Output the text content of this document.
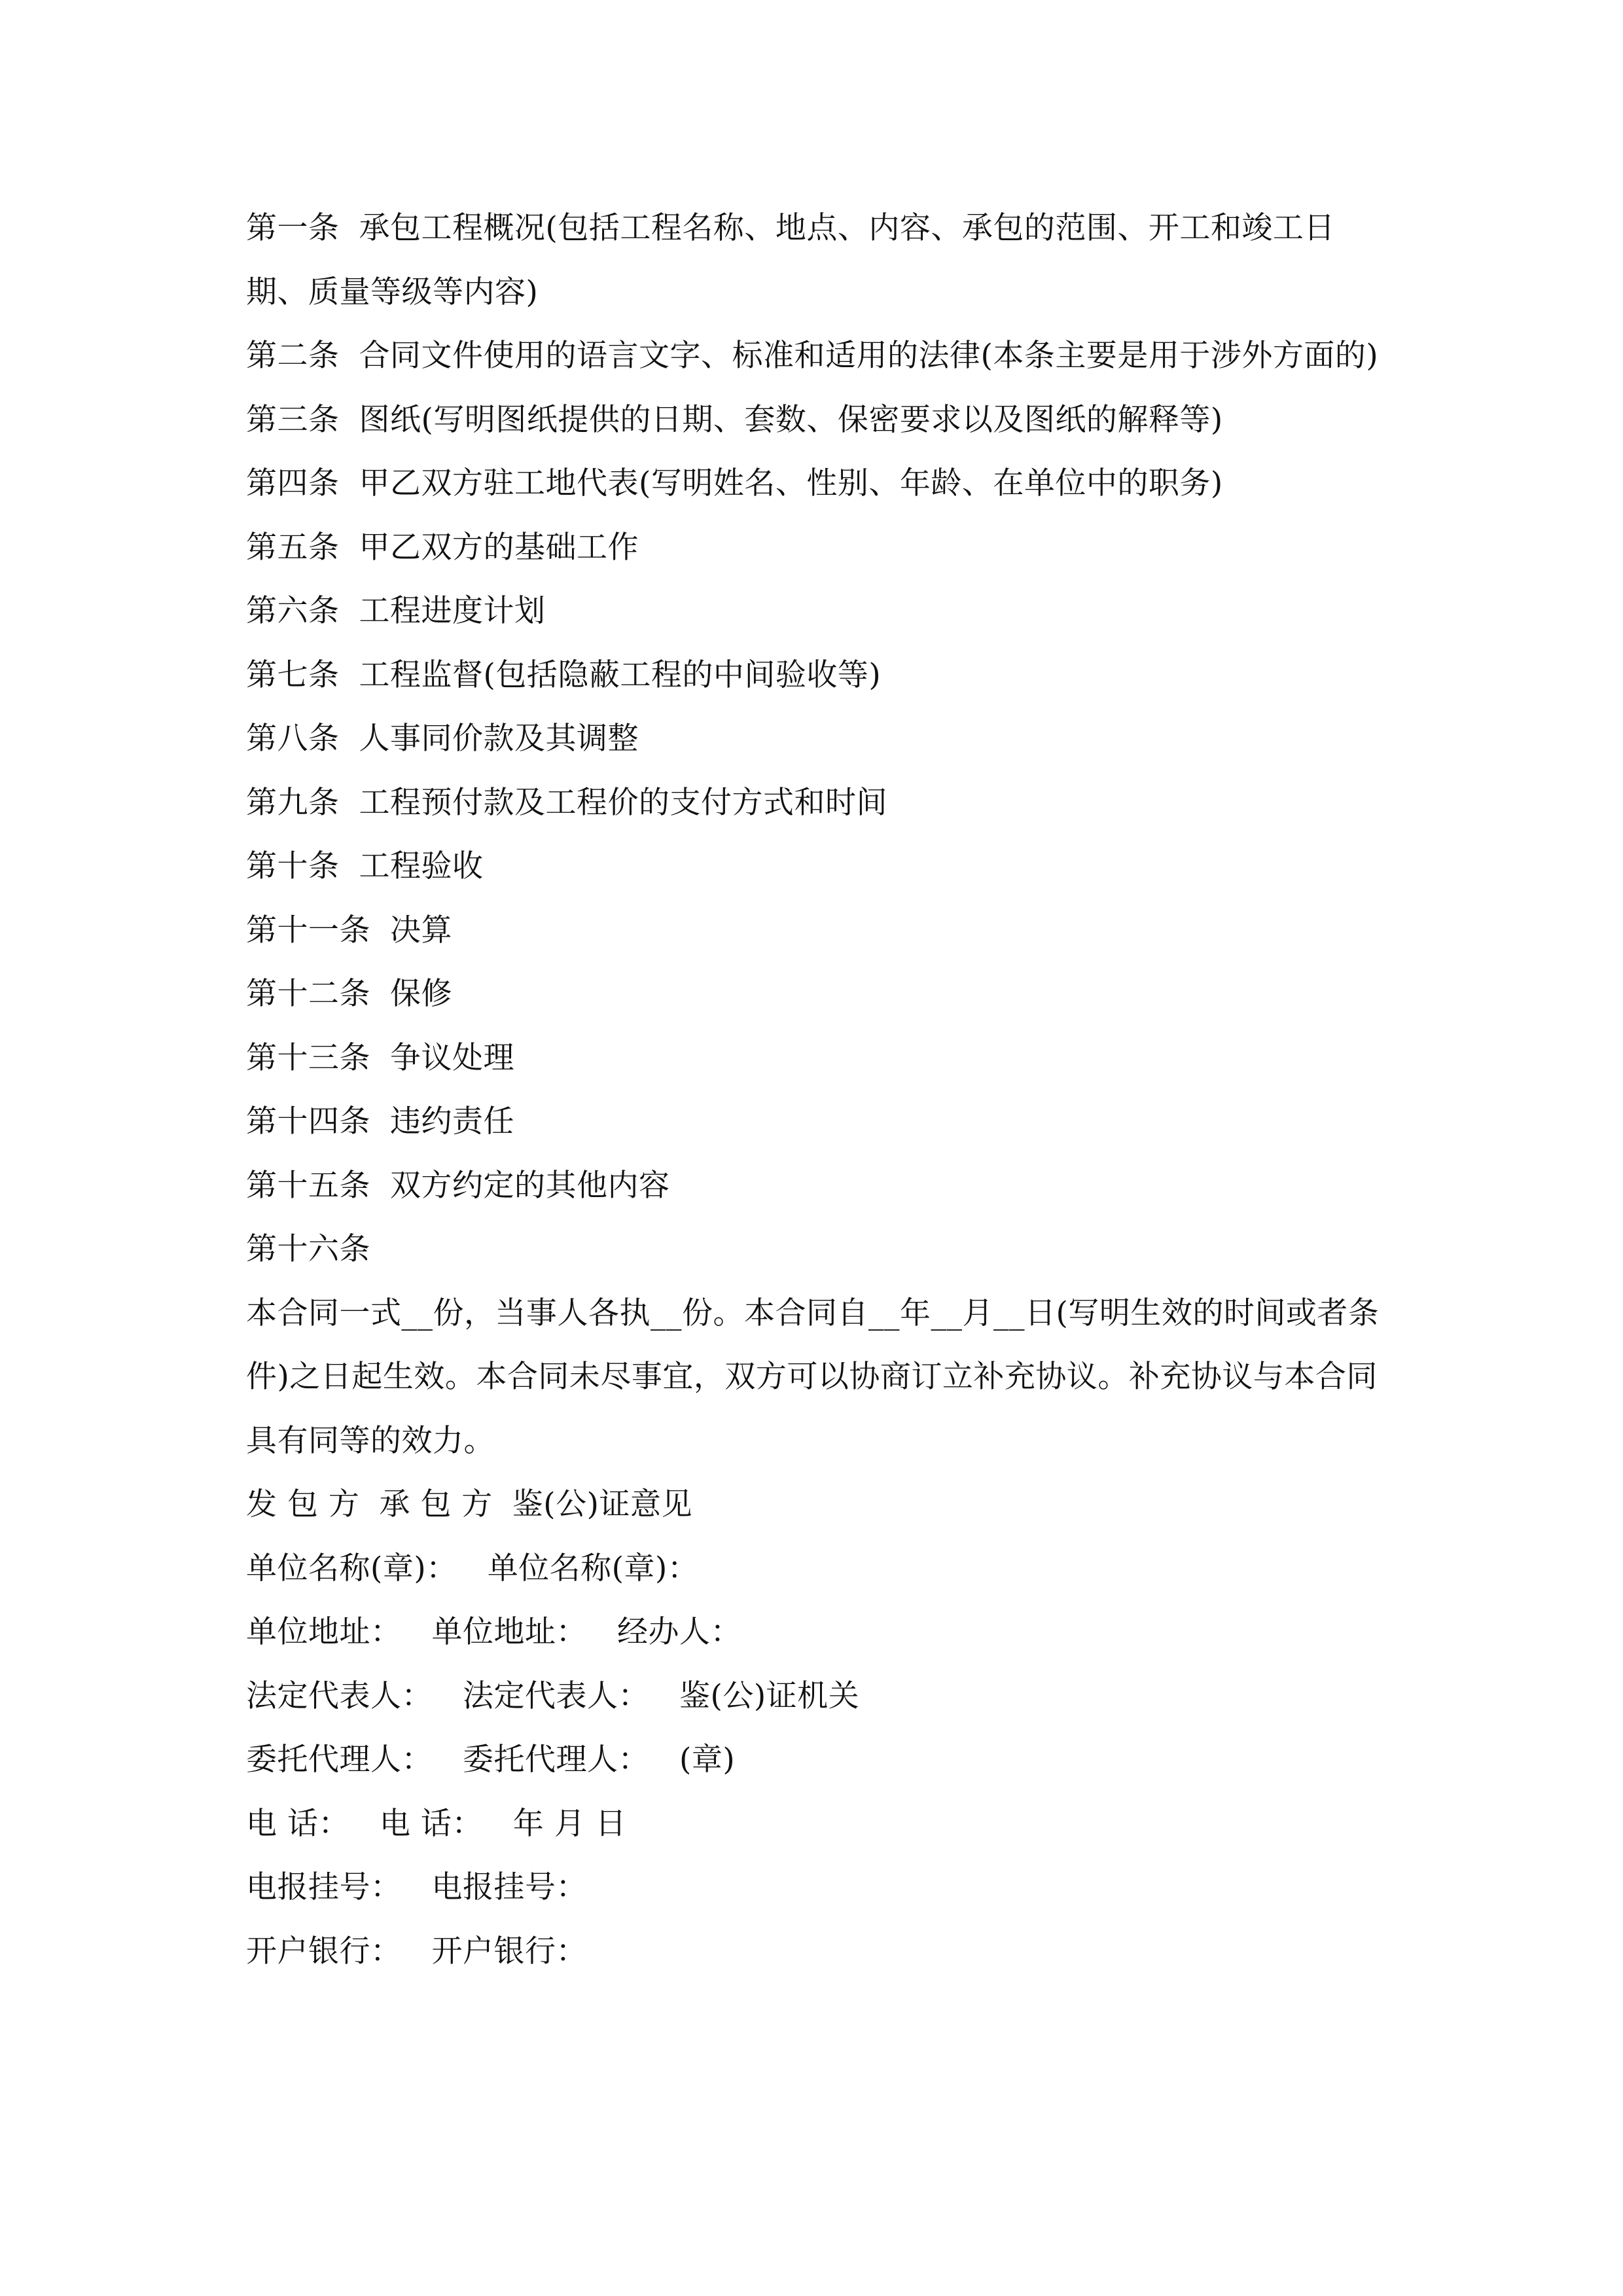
第一条 承包工程概况(包括工程名称、地点、内容、承包的范围、开工和竣工日期、质量等级等内容)
第二条 合同文件使用的语言文字、标准和适用的法律(本条主要是用于涉外方面的)
第三条 图纸(写明图纸提供的日期、套数、保密要求以及图纸的解释等)
第四条 甲乙双方驻工地代表(写明姓名、性别、年龄、在单位中的职务)
第五条 甲乙双方的基础工作
第六条 工程进度计划
第七条 工程监督(包括隐蔽工程的中间验收等)
第八条 人事同价款及其调整
第九条 工程预付款及工程价的支付方式和时间
第十条 工程验收
第十一条 决算
第十二条 保修
第十三条 争议处理
第十四条 违约责任
第十五条 双方约定的其他内容
第十六条
本合同一式__份，当事人各执__份。本合同自__年__月__日(写明生效的时间或者条件)之日起生效。本合同未尽事宜，双方可以协商订立补充协议。补充协议与本合同具有同等的效力。
发 包 方 承 包 方 鉴(公)证意见
单位名称(章)： 单位名称(章)：
单位地址： 单位地址： 经办人：
法定代表人： 法定代表人： 鉴(公)证机关
委托代理人： 委托代理人： (章)
电 话： 电 话： 年 月 日
电报挂号： 电报挂号：
开户银行： 开户银行：
